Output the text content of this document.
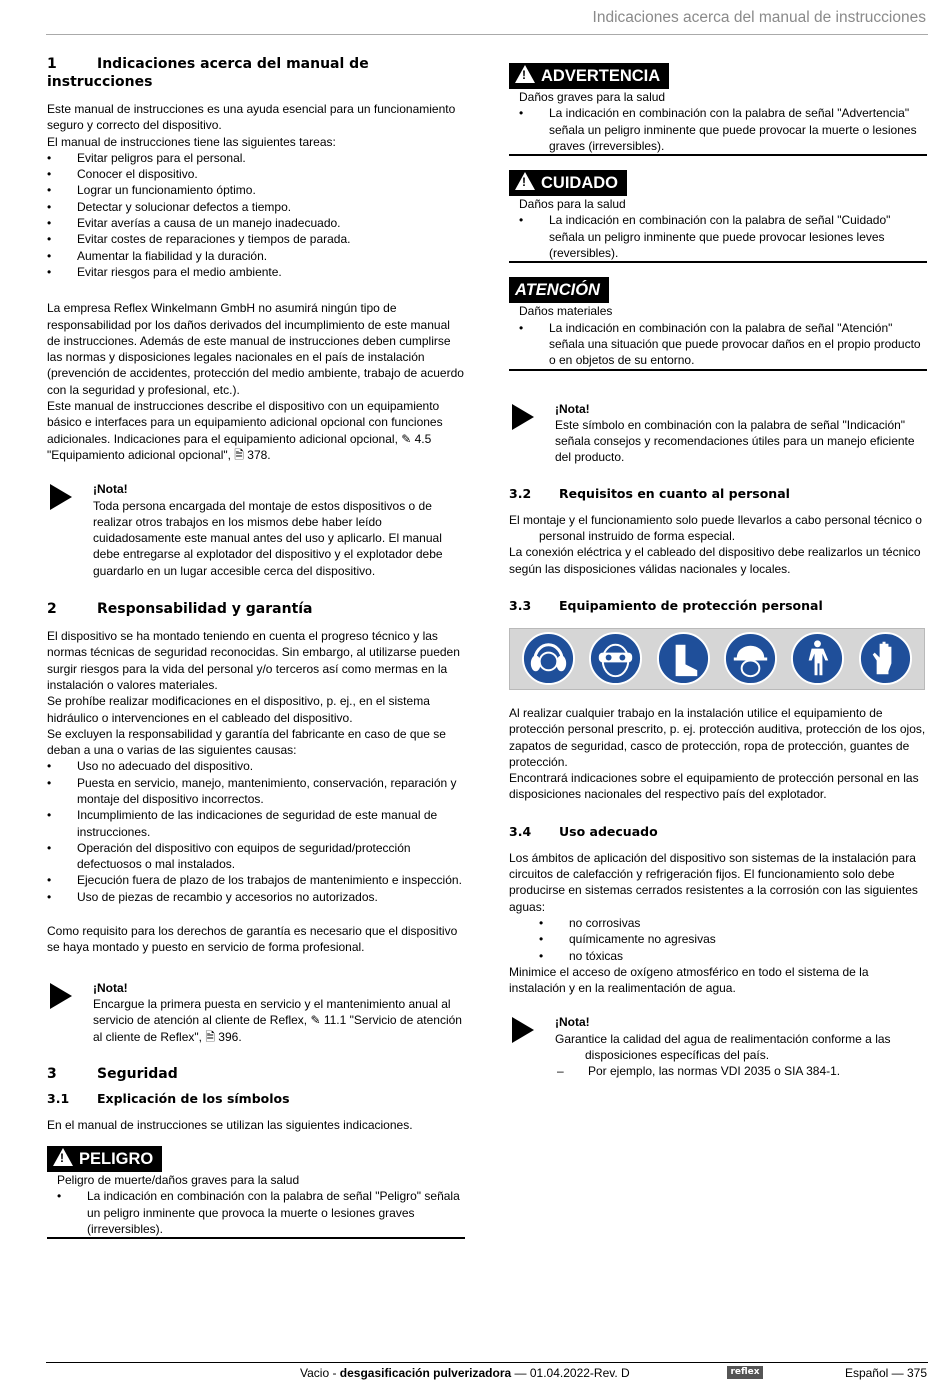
Indicaciones acerca del manual de instrucciones
1	Indicaciones acerca del manual de instrucciones

Este manual de instrucciones es una ayuda esencial para un funcionamiento seguro y correcto del dispositivo.

El manual de instrucciones tiene las siguientes tareas:

• Evitar peligros para el personal.
• Conocer el dispositivo.
• Lograr un funcionamiento óptimo.
• Detectar y solucionar defectos a tiempo.
• Evitar averías a causa de un manejo inadecuado.
• Evitar costes de reparaciones y tiempos de parada.
• Aumentar la fiabilidad y la duración.
• Evitar riesgos para el medio ambiente.

La empresa Reflex Winkelmann GmbH no asumirá ningún tipo de responsabilidad por los daños derivados del incumplimiento de este manual de instrucciones. Además de este manual de instrucciones deben cumplirse las normas y disposiciones legales nacionales en el país de instalación (prevención de accidentes, protección del medio ambiente, trabajo de acuerdo con la seguridad y profesional, etc.).

Este manual de instrucciones describe el dispositivo con un equipamiento básico e interfaces para un equipamiento adicional opcional con funciones adicionales. Indicaciones para el equipamiento adicional opcional, ✎ 4.5 "Equipamiento adicional opcional", 🗎 378.

¡Nota!

Toda persona encargada del montaje de estos dispositivos o de realizar otros trabajos en los mismos debe haber leído cuidadosamente este manual antes del uso y aplicarlo. El manual debe entregarse al explotador del dispositivo y el explotador debe guardarlo en un lugar accesible cerca del dispositivo.

2	Responsabilidad y garantía

El dispositivo se ha montado teniendo en cuenta el progreso técnico y las normas técnicas de seguridad reconocidas. Sin embargo, al utilizarse pueden surgir riesgos para la vida del personal y/o terceros así como mermas en la instalación o valores materiales.

Se prohíbe realizar modificaciones en el dispositivo, p. ej., en el sistema hidráulico o intervenciones en el cableado del dispositivo.

Se excluyen la responsabilidad y garantía del fabricante en caso de que se deban a una o varias de las siguientes causas:

• Uso no adecuado del dispositivo.
• Puesta en servicio, manejo, mantenimiento, conservación, reparación y montaje del dispositivo incorrectos.
• Incumplimiento de las indicaciones de seguridad de este manual de instrucciones.
• Operación del dispositivo con equipos de seguridad/protección defectuosos o mal instalados.
• Ejecución fuera de plazo de los trabajos de mantenimiento e inspección.
• Uso de piezas de recambio y accesorios no autorizados.

Como requisito para los derechos de garantía es necesario que el dispositivo se haya montado y puesto en servicio de forma profesional.

¡Nota!

Encargue la primera puesta en servicio y el mantenimiento anual al servicio de atención al cliente de Reflex, ✎ 11.1 "Servicio de atención al cliente de Reflex", 🗎 396.

3	Seguridad
3.1 Explicación de los símbolos

En el manual de instrucciones se utilizan las siguientes indicaciones.

!PELIGRO

Peligro de muerte/daños graves para la salud

• La indicación en combinación con la palabra de señal "Peligro" señala un peligro inminente que provoca la muerte o lesiones graves (irreversibles).
!ADVERTENCIA

Daños graves para la salud

• La indicación en combinación con la palabra de señal "Advertencia" señala un peligro inminente que puede provocar la muerte o lesiones graves (irreversibles).
!CUIDADO

Daños para la salud

• La indicación en combinación con la palabra de señal "Cuidado" señala un peligro inminente que puede provocar lesiones leves (reversibles).
ATENCIÓN

Daños materiales

• La indicación en combinación con la palabra de señal "Atención" señala una situación que puede provocar daños en el propio producto o en objetos de su entorno.

¡Nota!

Este símbolo en combinación con la palabra de señal "Indicación" señala consejos y recomendaciones útiles para un manejo eficiente del producto.

3.2 Requisitos en cuanto al personal

El montaje y el funcionamiento solo puede llevarlos a cabo personal técnico o personal instruido de forma especial.

La conexión eléctrica y el cableado del dispositivo debe realizarlos un técnico según las disposiciones válidas nacionales y locales.

3.3 Equipamiento de protección personal

Al realizar cualquier trabajo en la instalación utilice el equipamiento de protección personal prescrito, p. ej. protección auditiva, protección de los ojos, zapatos de seguridad, casco de protección, ropa de protección, guantes de protección.

Encontrará indicaciones sobre el equipamiento de protección personal en las disposiciones nacionales del respectivo país del explotador.

3.4 Uso adecuado

Los ámbitos de aplicación del dispositivo son sistemas de la instalación para circuitos de calefacción y refrigeración fijos. El funcionamiento solo debe producirse en sistemas cerrados resistentes a la corrosión con las siguientes aguas:

• no corrosivas
• químicamente no agresivas
• no tóxicas

Minimice el acceso de oxígeno atmosférico en todo el sistema de la instalación y en la realimentación de agua.

¡Nota!

Garantice la calidad del agua de realimentación conforme a las disposiciones específicas del país.

– Por ejemplo, las normas VDI 2035 o SIA 384-1.

Vacio - desgasificación pulverizadora — 01.04.2022-Rev. D	reflex	Español — 375
